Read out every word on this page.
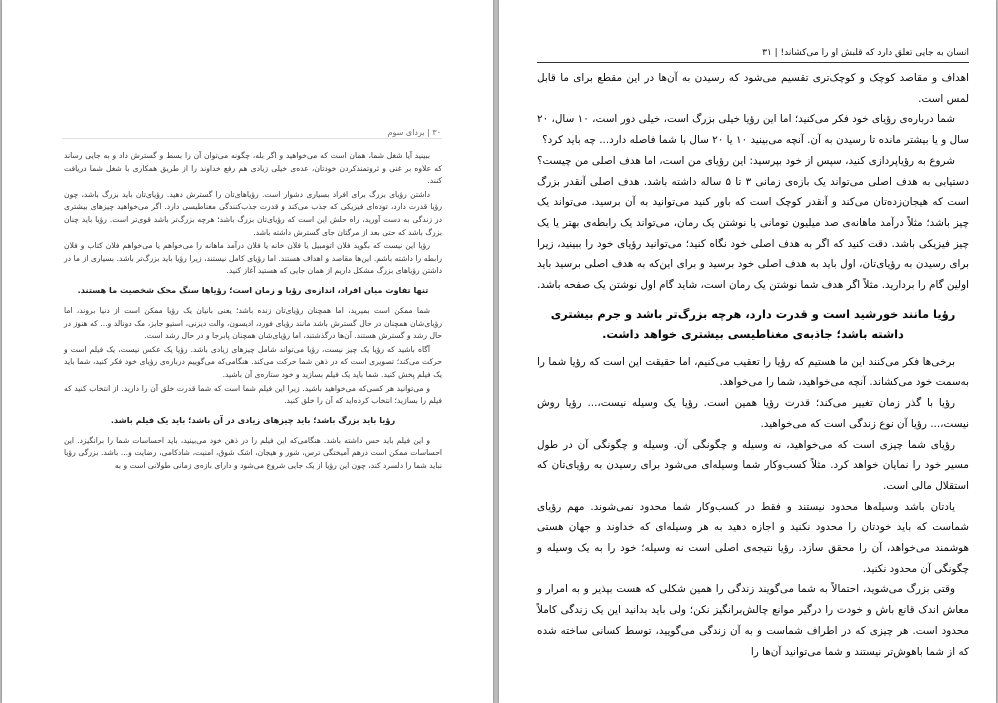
۳۰ | بردا‌ی سوم

ببینید آیا شغل شما، همان است که می‌خواهید و اگر بله، چگونه می‌توان آن را بسط و گسترش داد و به جایی رساند که علاوه بر غنی و ثروتمندکردن خودتان، عده‌ی خیلی زیادی هم رفع خداوند را از طریق همکاری با شغل شما دریافت کنند.

داشتن رؤیای بزرگ برای افراد بسیاری دشوار است. رؤیاهای‌تان را گسترش دهید. رؤیای‌تان باید بزرگ باشد، چون رؤیا قدرت دارد، توده‌ای فیزیکی که جذب می‌کند و قدرت جذب‌کنندگی مغناطیسی دارد. اگر می‌خواهید چیزهای بیشتری در زندگی به دست آورید، راه حلش این است که رؤیای‌تان بزرگ باشد؛ هرچه بزرگ‌تر باشد قوی‌تر است. رؤیا باید چنان بزرگ باشد که حتی بعد از مرگتان جای گسترش داشته باشد.

رؤیا این نیست که بگوید فلان اتومبیل یا فلان خانه یا فلان درآمد ماهانه را می‌خواهم یا می‌خواهم فلان کتاب و فلان رابطه را داشته باشم. این‌ها مقاصد و اهداف هستند. اما رؤیای کامل نیستند، زیرا رؤیا باید بزرگ‌تر باشد. بسیاری از ما در داشتن رؤیاهای بزرگ مشکل داریم از همان جایی که هستید آغاز کنید.

تنها تفاوت میان افراد، اندازه‌ی رؤیا و زمان است؛ رؤیاها سنگ محک شخصیت ما هستند.

شما ممکن است بمیرید، اما همچنان رؤیای‌تان زنده باشد؛ یعنی بانیان یک رؤیا ممکن است از دنیا بروند، اما رؤیای‌شان همچنان در حال گسترش باشد مانند رؤیای فورد، ادیسون، والت دیزنی، استیو جابز، مک دونالد و... که هنوز در حال رشد و گسترش هستند. آن‌ها درگذشتند، اما رؤیای‌شان همچنان پابرجا و در حال رشد است.

آگاه باشید که رؤیا یک چیز نیست، رؤیا می‌تواند شامل چیزهای زیادی باشد. رؤیا یک عکس نیست، یک فیلم است و حرکت می‌کند؛ تصویری است که در ذهن شما حرکت می‌کند. هنگامی‌که می‌گوییم درباره‌ی رؤیای خود فکر کنید، شما باید یک فیلم پخش کنید. شما باید یک فیلم بسازید و خود ستاره‌ی آن باشید.

و می‌توانید هر کسی‌که می‌خواهید باشید. زیرا این فیلم شما است که شما قدرت خلق آن را دارید. از انتخاب کنید که فیلم را بسازید؛ انتخاب کرده‌اید که آن را خلق کنید.

رؤیا باید بزرگ باشد؛ باید چیزهای زیادی در آن باشد؛ باید یک فیلم باشد.

و این فیلم باید حس داشته باشد. هنگامی‌که این فیلم را در ذهن خود می‌بینید، باید احساسات شما را برانگیزد. این احساسات ممکن است درهم آمیختگی ترس، شور و هیجان، اشک شوق، امنیت، شادکامی، رضایت و... باشد. بزرگی رؤیا نباید شما را دلسرد کند، چون این رؤیا از یک جایی شروع می‌شود و دارای بازه‌ی زمانی طولانی است و به

انسان به جایی تعلق دارد که قلبش او را می‌کشاند! | ۳۱

اهداف و مقاصد کوچک و کوچک‌تری تقسیم می‌شود که رسیدن به آن‌ها در این مقطع برای ما قابل لمس است.

شما درباره‌ی رؤیای خود فکر می‌کنید؛ اما این رؤیا خیلی بزرگ است، خیلی دور است، ۱۰ سال، ۲۰ سال و یا بیشتر مانده تا رسیدن به آن. آنچه می‌بینید ۱۰ یا ۲۰ سال با شما فاصله دارد... چه باید کرد؟

شروع به رؤیاپردازی کنید، سپس از خود بپرسید: این رؤیای من است، اما هدف اصلی من چیست؟ دستیابی به هدف اصلی می‌تواند یک بازه‌ی زمانی ۳ تا ۵ ساله داشته باشد. هدف اصلی آنقدر بزرگ است که هیجان‌زده‌تان می‌کند و آنقدر کوچک است که باور کنید می‌توانید به آن برسید. می‌تواند یک چیز باشد؛ مثلاً درآمد ماهانه‌ی صد میلیون تومانی یا نوشتن یک رمان، می‌تواند یک رابطه‌ی بهتر یا یک چیز فیزیکی باشد. دقت کنید که اگر به هدف اصلی خود نگاه کنید؛ می‌توانید رؤیای خود را ببینید، زیرا برای رسیدن به رؤیای‌تان، اول باید به هدف اصلی خود برسید و برای این‌که به هدف اصلی برسید باید اولین گام را بردارید. مثلاً اگر هدف شما نوشتن یک رمان است، شاید گام اول نوشتن یک صفحه باشد.

رؤیا مانند خورشید است و قدرت دارد، هرچه بزرگ‌تر باشد و جرم بیشتری داشته باشد؛ جاذبه‌ی مغناطیسی بیشتری خواهد داشت.

برخی‌ها فکر می‌کنند این ما هستیم که رؤیا را تعقیب می‌کنیم، اما حقیقت این است که رؤیا شما را به‌سمت خود می‌کشاند. آنچه می‌خواهید، شما را می‌خواهد.

رؤیا با گذر زمان تغییر می‌کند؛ قدرت رؤیا همین است. رؤیا یک وسیله نیست،... رؤیا روش نیست،... رؤیا آن نوع زندگی است که می‌خواهید.

رؤیای شما چیزی است که می‌خواهید، نه وسیله و چگونگی آن. وسیله و چگونگی آن در طول مسیر خود را نمایان خواهد کرد. مثلاً کسب‌وکار شما وسیله‌ای می‌شود برای رسیدن به رؤیای‌تان که استقلال مالی است.

یادتان باشد وسیله‌ها محدود نیستند و فقط در کسب‌وکار شما محدود نمی‌شوند. مهم رؤیای شماست که باید خودتان را محدود نکنید و اجازه دهید به هر وسیله‌ای که خداوند و جهان هستی هوشمند می‌خواهد، آن را محقق سازد. رؤیا نتیجه‌ی اصلی است نه وسیله؛ خود را به یک وسیله و چگونگی آن محدود نکنید.

وقتی بزرگ می‌شوید، احتمالاً به شما می‌گویند زندگی را همین شکلی که هست بپذیر و به امرار و معاش اندک قانع باش و خودت را درگیر موانع چالش‌برانگیز نکن؛ ولی باید بدانید این یک زندگی کاملاً محدود است. هر چیزی که در اطراف شماست و به آن زندگی می‌گویید، توسط کسانی ساخته شده که از شما باهوش‌تر نیستند و شما می‌توانید آن‌ها را
